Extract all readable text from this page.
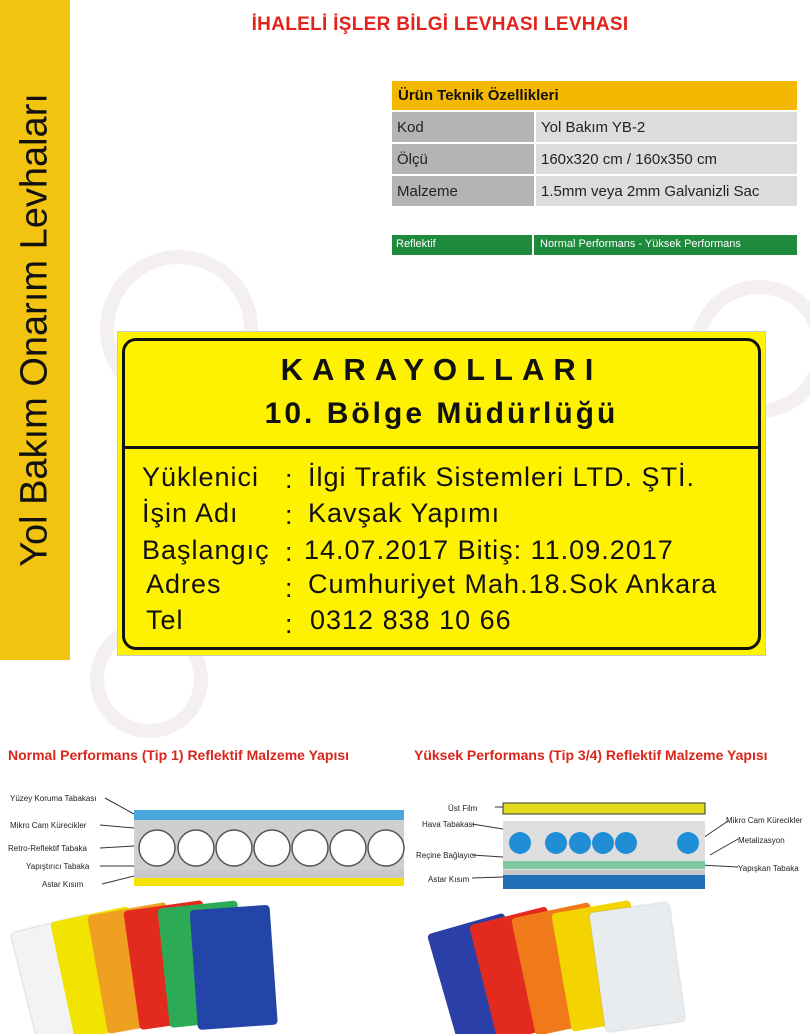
Yol Bakım Onarım Levhaları
İHALELİ İŞLER BİLGİ LEVHASI LEVHASI
Ürün Teknik Özellikleri	
Kod	Yol Bakım YB-2
Ölçü	160x320 cm / 160x350 cm
Malzeme	1.5mm veya 2mm Galvanizli Sac
Reflektif	Normal Performans - Yüksek Performans
KARAYOLLARI
10. Bölge Müdürlüğü
Yüklenici : İlgi Trafik Sistemleri LTD. ŞTİ.
İşin Adı : Kavşak Yapımı
Başlangıç : 14.07.2017 Bitiş: 11.09.2017
Adres : Cumhuriyet Mah.18.Sok Ankara
Tel	: 0312 838 10 66
Normal Performans (Tip 1) Reflektif Malzeme Yapısı	Yüksek Performans (Tip 3/4) Reflektif Malzeme Yapısı
Yüzey Koruma Tabakası
Mikro Cam Kürecikler
Retro-Reflektif Tabaka
Yapıştırıcı Tabaka
Astar Kısım
Üst Film
Hava Tabakası
Reçine Bağlayıcı
Astar Kısım
Mikro Cam Kürecikler
Metalizasyon
Yapışkan Tabaka
